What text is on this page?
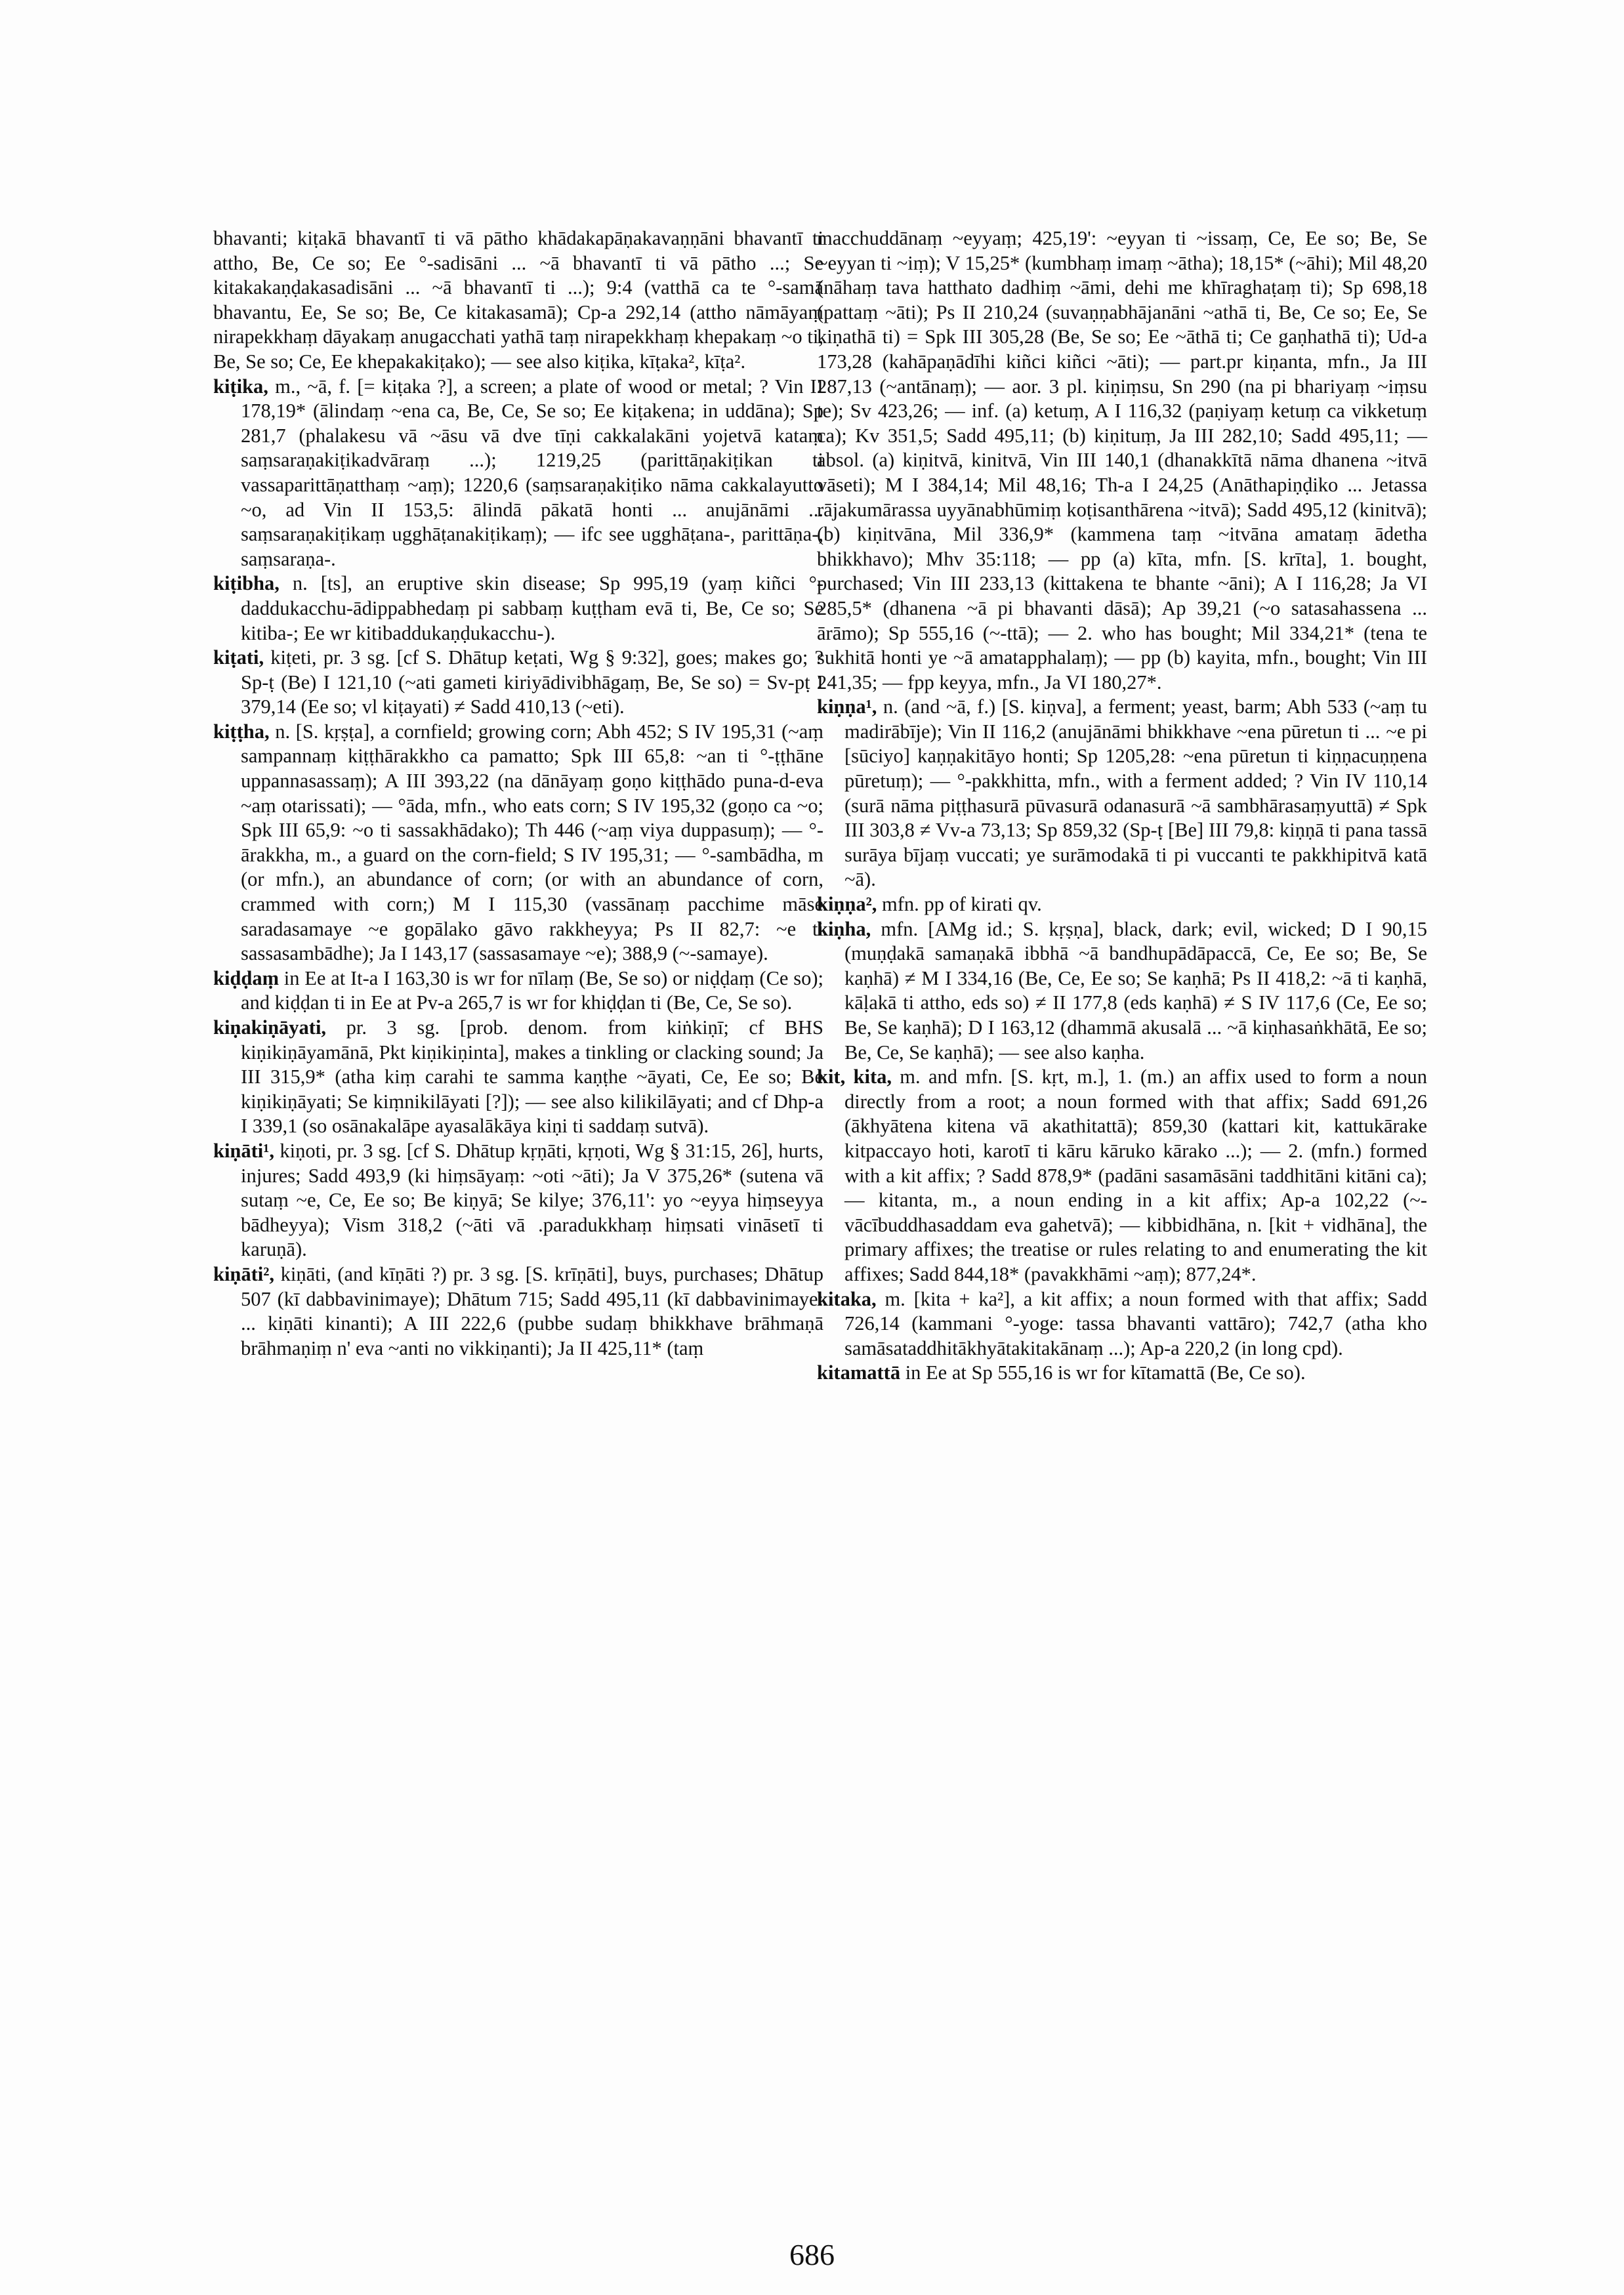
bhavanti; kiṭakā bhavantī ti vā pātho khādakapāṇakavaṇṇāni bhavantī ti attho, Be, Ce so; Ee °-sadisāni ... ~ā bhavantī ti vā pātho ...; Se kitakakaṇḍakasadisāni ... ~ā bhavantī ti ...); 9:4 (vatthā ca te °-samā bhavantu, Ee, Se so; Be, Ce kitakasamā); Cp-a 292,14 (attho nāmāyaṃ nirapekkhaṃ dāyakaṃ anugacchati yathā taṃ nirapekkhaṃ khepakaṃ ~o ti, Be, Se so; Ce, Ee khepakakiṭako); — see also kiṭika, kīṭaka², kīṭa².

kiṭika, m., ~ā, f. [= kiṭaka ?], a screen; a plate of wood or metal; ? Vin II 178,19* (ālindaṃ ~ena ca, Be, Ce, Se so; Ee kiṭakena; in uddāna); Sp 281,7 (phalakesu vā ~āsu vā dve tīṇi cakkalakāni yojetvā kataṃ saṃsaraṇakiṭikadvāraṃ ...); 1219,25 (parittāṇakiṭikan ti vassaparittāṇatthaṃ ~aṃ); 1220,6 (saṃsaraṇakiṭiko nāma cakkalayutto ~o, ad Vin II 153,5: ālindā pākatā honti ... anujānāmi ... saṃsaraṇakiṭikaṃ ugghāṭanakiṭikaṃ); — ifc see ugghāṭana-, parittāṇa-, saṃsaraṇa-.

kiṭibha, n. [ts], an eruptive skin disease; Sp 995,19 (yaṃ kiñci °-daddukacchu-ādippabhedaṃ pi sabbaṃ kuṭṭham evā ti, Be, Ce so; Se kitiba-; Ee wr kitibaddukaṇḍukacchu-).

kiṭati, kiṭeti, pr. 3 sg. [cf S. Dhātup keṭati, Wg § 9:32], goes; makes go; ? Sp-ṭ (Be) I 121,10 (~ati gameti kiriyādivibhāgaṃ, Be, Se so) = Sv-pṭ I 379,14 (Ee so; vl kiṭayati) ≠ Sadd 410,13 (~eti).

kiṭṭha, n. [S. kṛṣṭa], a cornfield; growing corn; Abh 452; S IV 195,31 (~aṃ sampannaṃ kiṭṭhārakkho ca pamatto; Spk III 65,8: ~an ti °-ṭṭhāne uppannasassaṃ); A III 393,22 (na dānāyaṃ goṇo kiṭṭhādo puna-d-eva ~aṃ otarissati); — °āda, mfn., who eats corn; S IV 195,32 (goṇo ca ~o; Spk III 65,9: ~o ti sassakhādako); Th 446 (~aṃ viya duppasuṃ); — °-ārakkha, m., a guard on the corn-field; S IV 195,31; — °-sambādha, m (or mfn.), an abundance of corn; (or with an abundance of corn, crammed with corn;) M I 115,30 (vassānaṃ pacchime māse saradasamaye ~e gopālako gāvo rakkheyya; Ps II 82,7: ~e ti sassasambādhe); Ja I 143,17 (sassasamaye ~e); 388,9 (~-samaye).

kiḍḍaṃ in Ee at It-a I 163,30 is wr for nīlaṃ (Be, Se so) or niḍḍaṃ (Ce so); and kiḍḍan ti in Ee at Pv-a 265,7 is wr for khiḍḍan ti (Be, Ce, Se so).

kiṇakiṇāyati, pr. 3 sg. [prob. denom. from kiṅkiṇī; cf BHS kiṇikiṇāyamānā, Pkt kiṇikiṇinta], makes a tinkling or clacking sound; Ja III 315,9* (atha kiṃ carahi te samma kaṇṭhe ~āyati, Ce, Ee so; Be kiṇikiṇāyati; Se kiṃnikilāyati [?]); — see also kilikilāyati; and cf Dhp-a I 339,1 (so osānakalāpe ayasalākāya kiṇi ti saddaṃ sutvā).

kiṇāti¹, kiṇoti, pr. 3 sg. [cf S. Dhātup kṛṇāti, kṛṇoti, Wg § 31:15, 26], hurts, injures; Sadd 493,9 (ki hiṃsāyaṃ: ~oti ~āti); Ja V 375,26* (sutena vā sutaṃ ~e, Ce, Ee so; Be kiṇyā; Se kilye; 376,11': yo ~eyya hiṃseyya bādheyya); Vism 318,2 (~āti vā .paradukkhaṃ hiṃsati vināsetī ti karuṇā).

kiṇāti², kiṇāti, (and kīṇāti ?) pr. 3 sg. [S. krīṇāti], buys, purchases; Dhātup 507 (kī dabbavinimaye); Dhātum 715; Sadd 495,11 (kī dabbavinimaye: ... kiṇāti kinanti); A III 222,6 (pubbe sudaṃ bhikkhave brāhmaṇā brāhmaṇiṃ n' eva ~anti no vikkiṇanti); Ja II 425,11* (taṃ

macchuddānaṃ ~eyyaṃ; 425,19': ~eyyan ti ~issaṃ, Ce, Ee so; Be, Se ~eyyan ti ~iṃ); V 15,25* (kumbhaṃ imaṃ ~ātha); 18,15* (~āhi); Mil 48,20 (nāhaṃ tava hatthato dadhiṃ ~āmi, dehi me khīraghaṭaṃ ti); Sp 698,18 (pattaṃ ~āti); Ps II 210,24 (suvaṇṇabhājanāni ~athā ti, Be, Ce so; Ee, Se kiṇathā ti) = Spk III 305,28 (Be, Se so; Ee ~āthā ti; Ce gaṇhathā ti); Ud-a 173,28 (kahāpaṇādīhi kiñci kiñci ~āti); — part.pr kiṇanta, mfn., Ja III 287,13 (~antānaṃ); — aor. 3 pl. kiṇiṃsu, Sn 290 (na pi bhariyaṃ ~iṃsu te); Sv 423,26; — inf. (a) ketuṃ, A I 116,32 (paṇiyaṃ ketuṃ ca vikketuṃ ca); Kv 351,5; Sadd 495,11; (b) kiṇituṃ, Ja III 282,10; Sadd 495,11; — absol. (a) kiṇitvā, kinitvā, Vin III 140,1 (dhanakkītā nāma dhanena ~itvā vāseti); M I 384,14; Mil 48,16; Th-a I 24,25 (Anāthapiṇḍiko ... Jetassa rājakumārassa uyyānabhūmiṃ koṭisanthārena ~itvā); Sadd 495,12 (kinitvā); (b) kiṇitvāna, Mil 336,9* (kammena taṃ ~itvāna amataṃ ādetha bhikkhavo); Mhv 35:118; — pp (a) kīta, mfn. [S. krīta], 1. bought, purchased; Vin III 233,13 (kittakena te bhante ~āni); A I 116,28; Ja VI 285,5* (dhanena ~ā pi bhavanti dāsā); Ap 39,21 (~o satasahassena ... ārāmo); Sp 555,16 (~-ttā); — 2. who has bought; Mil 334,21* (tena te sukhitā honti ye ~ā amatapphalaṃ); — pp (b) kayita, mfn., bought; Vin III 241,35; — fpp keyya, mfn., Ja VI 180,27*.

kiṇṇa¹, n. (and ~ā, f.) [S. kiṇva], a ferment; yeast, barm; Abh 533 (~aṃ tu madirābīje); Vin II 116,2 (anujānāmi bhikkhave ~ena pūretun ti ... ~e pi [sūciyo] kaṇṇakitāyo honti; Sp 1205,28: ~ena pūretun ti kiṇṇacuṇṇena pūretuṃ); — °-pakkhitta, mfn., with a ferment added; ? Vin IV 110,14 (surā nāma piṭṭhasurā pūvasurā odanasurā ~ā sambhārasaṃyuttā) ≠ Spk III 303,8 ≠ Vv-a 73,13; Sp 859,32 (Sp-ṭ [Be] III 79,8: kiṇṇā ti pana tassā surāya bījaṃ vuccati; ye surāmodakā ti pi vuccanti te pakkhipitvā katā ~ā).

kiṇṇa², mfn. pp of kirati qv.

kiṇha, mfn. [AMg id.; S. kṛṣṇa], black, dark; evil, wicked; D I 90,15 (muṇḍakā samaṇakā ibbhā ~ā bandhupādāpaccā, Ce, Ee so; Be, Se kaṇhā) ≠ M I 334,16 (Be, Ce, Ee so; Se kaṇhā; Ps II 418,2: ~ā ti kaṇhā, kāḷakā ti attho, eds so) ≠ II 177,8 (eds kaṇhā) ≠ S IV 117,6 (Ce, Ee so; Be, Se kaṇhā); D I 163,12 (dhammā akusalā ... ~ā kiṇhasaṅkhātā, Ee so; Be, Ce, Se kaṇhā); — see also kaṇha.

kit, kita, m. and mfn. [S. kṛt, m.], 1. (m.) an affix used to form a noun directly from a root; a noun formed with that affix; Sadd 691,26 (ākhyātena kitena vā akathitattā); 859,30 (kattari kit, kattukārake kitpaccayo hoti, karotī ti kāru kāruko kārako ...); — 2. (mfn.) formed with a kit affix; ? Sadd 878,9* (padāni sasamāsāni taddhitāni kitāni ca); — kitanta, m., a noun ending in a kit affix; Ap-a 102,22 (~-vācībuddhasaddam eva gahetvā); — kibbidhāna, n. [kit + vidhāna], the primary affixes; the treatise or rules relating to and enumerating the kit affixes; Sadd 844,18* (pavakkhāmi ~aṃ); 877,24*.

kitaka, m. [kita + ka²], a kit affix; a noun formed with that affix; Sadd 726,14 (kammani °-yoge: tassa bhavanti vattāro); 742,7 (atha kho samāsataddhitākhyātakitakānaṃ ...); Ap-a 220,2 (in long cpd).

kitamattā in Ee at Sp 555,16 is wr for kītamattā (Be, Ce so).

686
